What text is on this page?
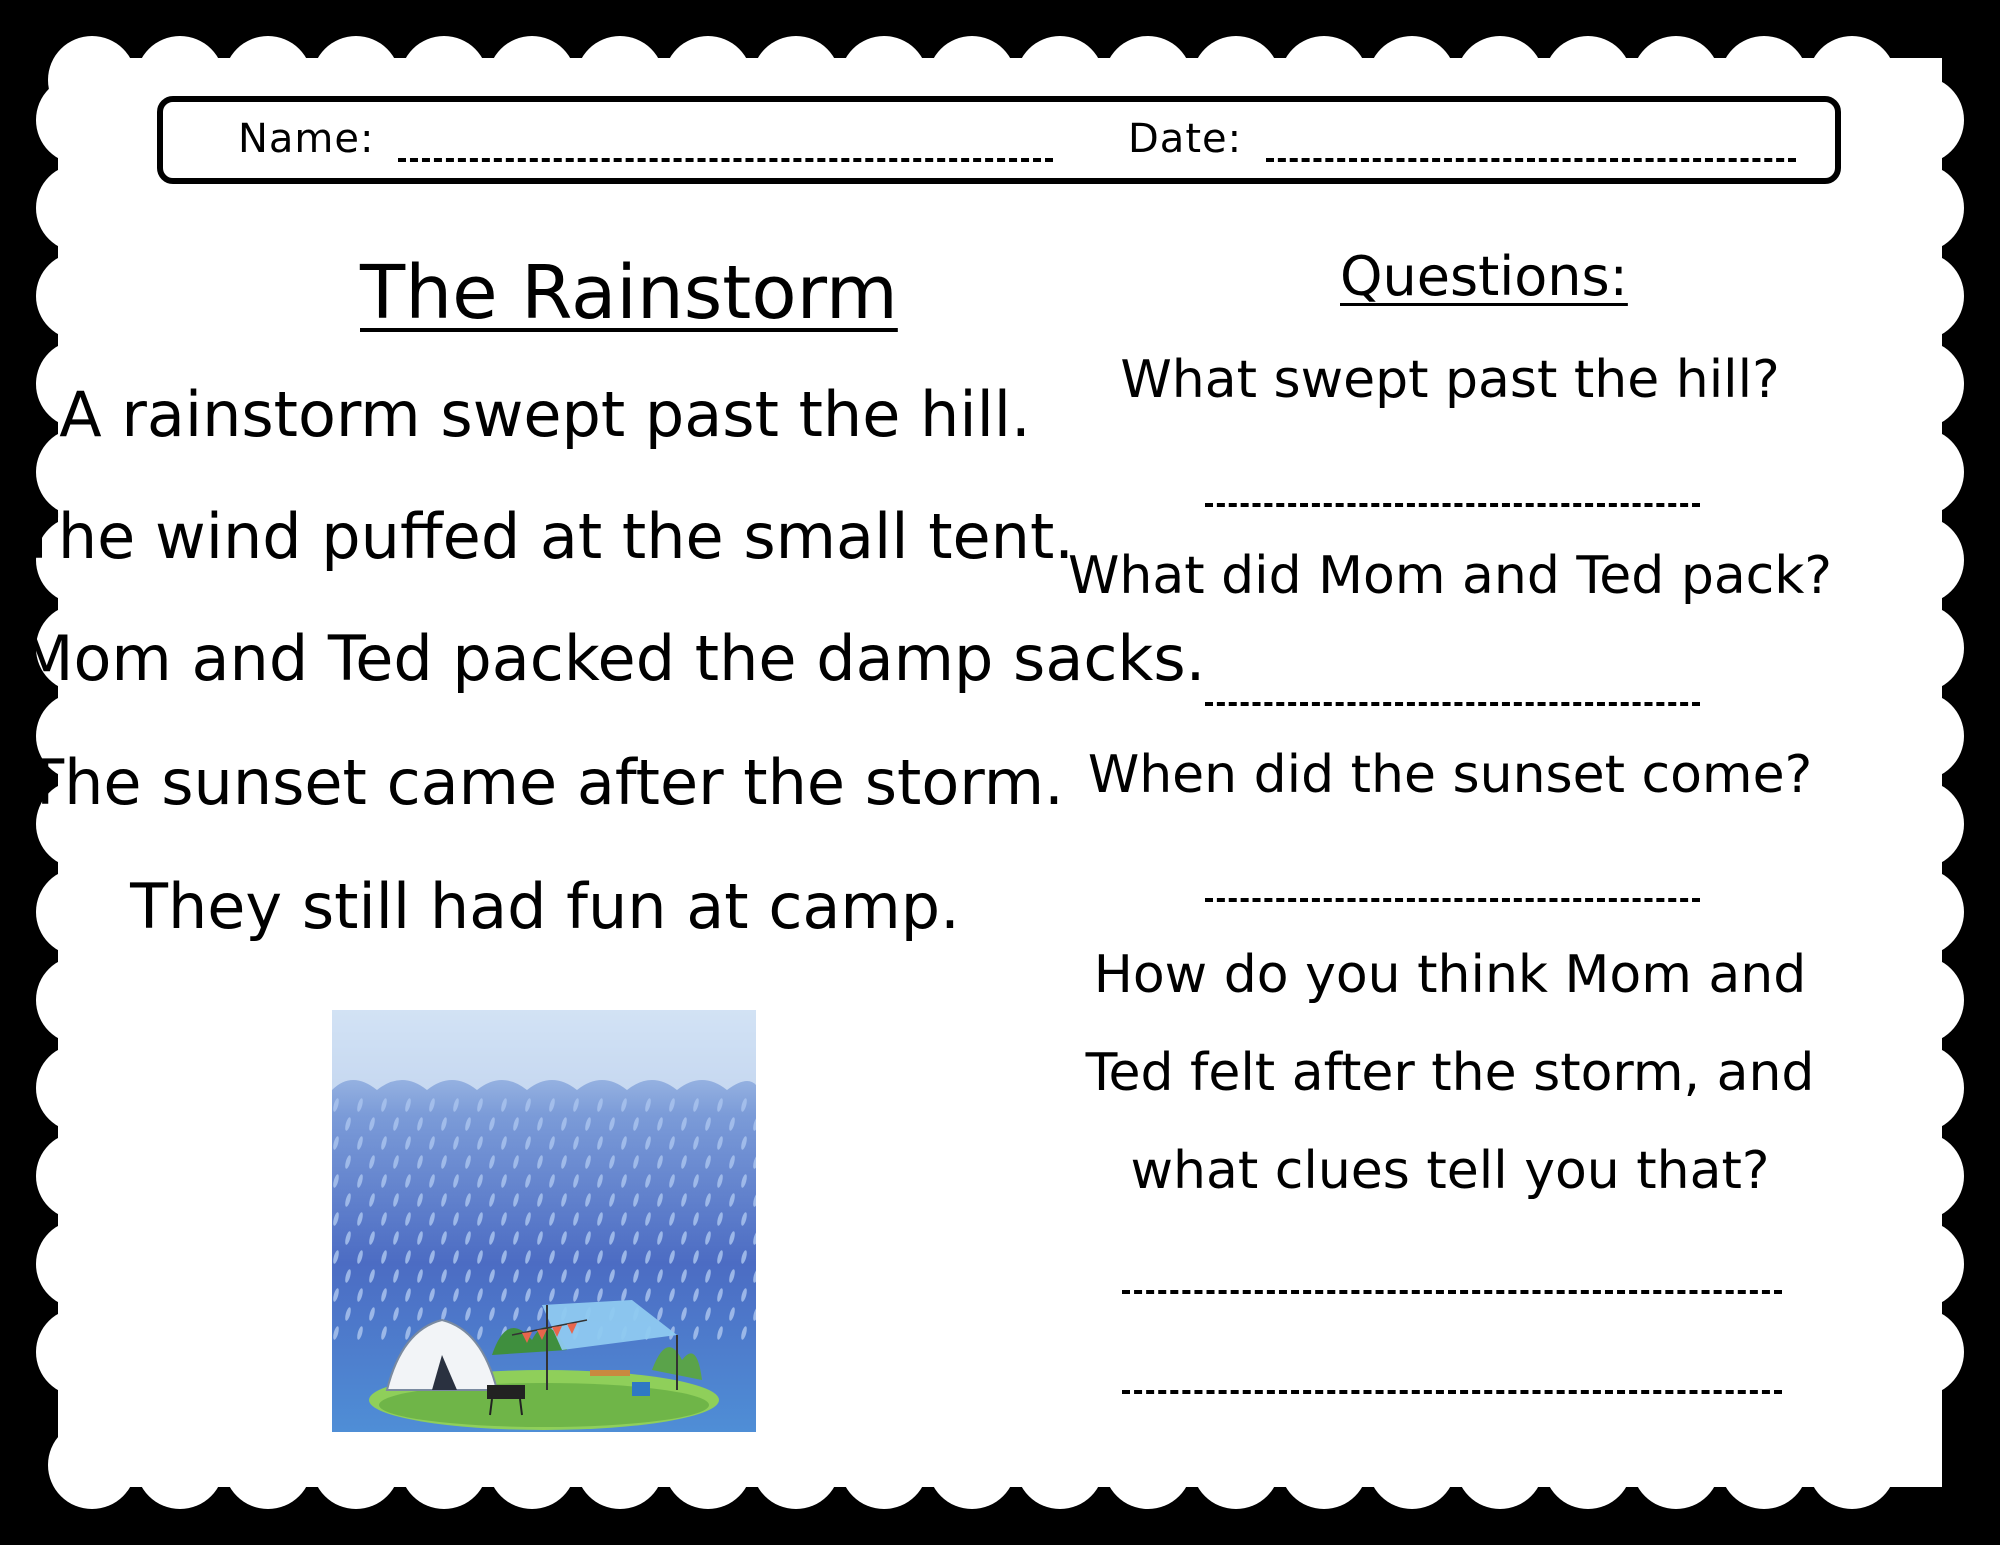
Name:	Date:
The Rainstorm
A rainstorm swept past the hill.
The wind puffed at the small tent.
Mom and Ted packed the damp sacks.
The sunset came after the storm.
They still had fun at camp.
Questions:
What swept past the hill?
What did Mom and Ted pack?
When did the sunset come?
How do you think Mom and Ted felt after the storm, and what clues tell you that?
